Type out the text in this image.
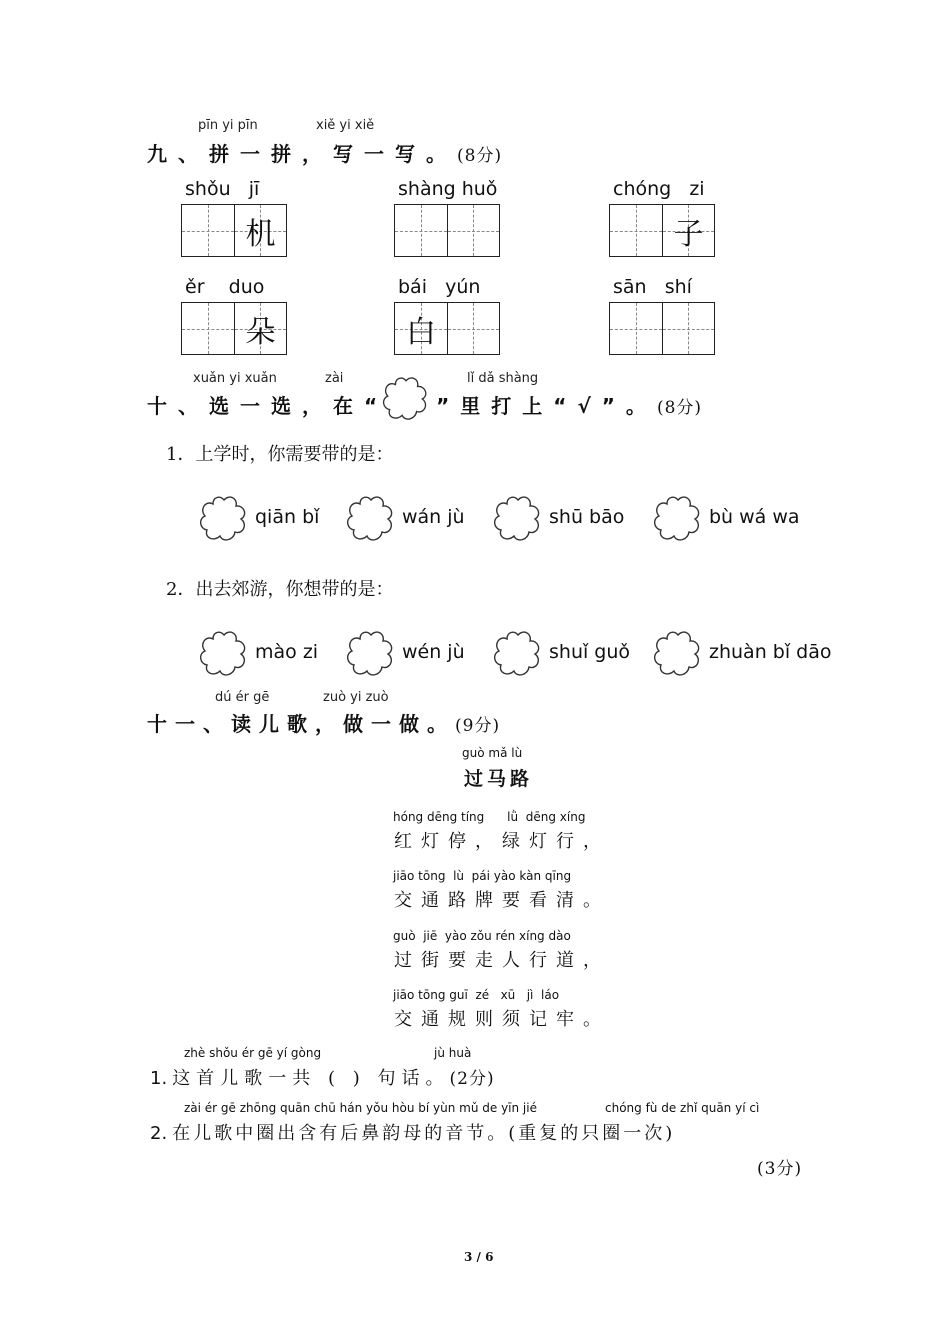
pīn yi pīn	xiě yi xiě
九、拼一拼，写一写。(8分)
shǒu   jī
机
shàng huǒ	chóng   zi
子
ěr    duo
朵
bái   yún
白
sān   shí
xuǎn yi xuǎn	zài	lǐ dǎ shàng
十、选一选，在“ ”里打上“√”。(8分)
1．上学时，你需要带的是：
qiān bǐ	wán jù	shū bāo	bù wá wa
2．出去郊游，你想带的是：
mào zi	wén jù	shuǐ guǒ	zhuàn bǐ dāo
dú ér gē	zuò yi zuò
十一、读儿歌，做一做。(9分)
guò mǎ lù
过马路
hóng dēng tíng      lǜ  dēng xíng
红灯停，绿灯行，
jiāo tōng  lù  pái yào kàn qīng
交通路牌要看清。
guò  jiē  yào zǒu rén xíng dào
过街要走人行道，
jiāo tōng guī  zé   xū   jì  láo
交通规则须记牢。
zhè shǒu ér gē yí gòng	jù huà
1. 这首儿歌一共 ( ) 句话。(2分)
zài ér gē zhōng quān chū hán yǒu hòu bí yùn mǔ de yīn jié	chóng fù de zhǐ quān yí cì
2. 在儿歌中圈出含有后鼻韵母的音节。(重复的只圈一次)
(3分)
3 / 6
